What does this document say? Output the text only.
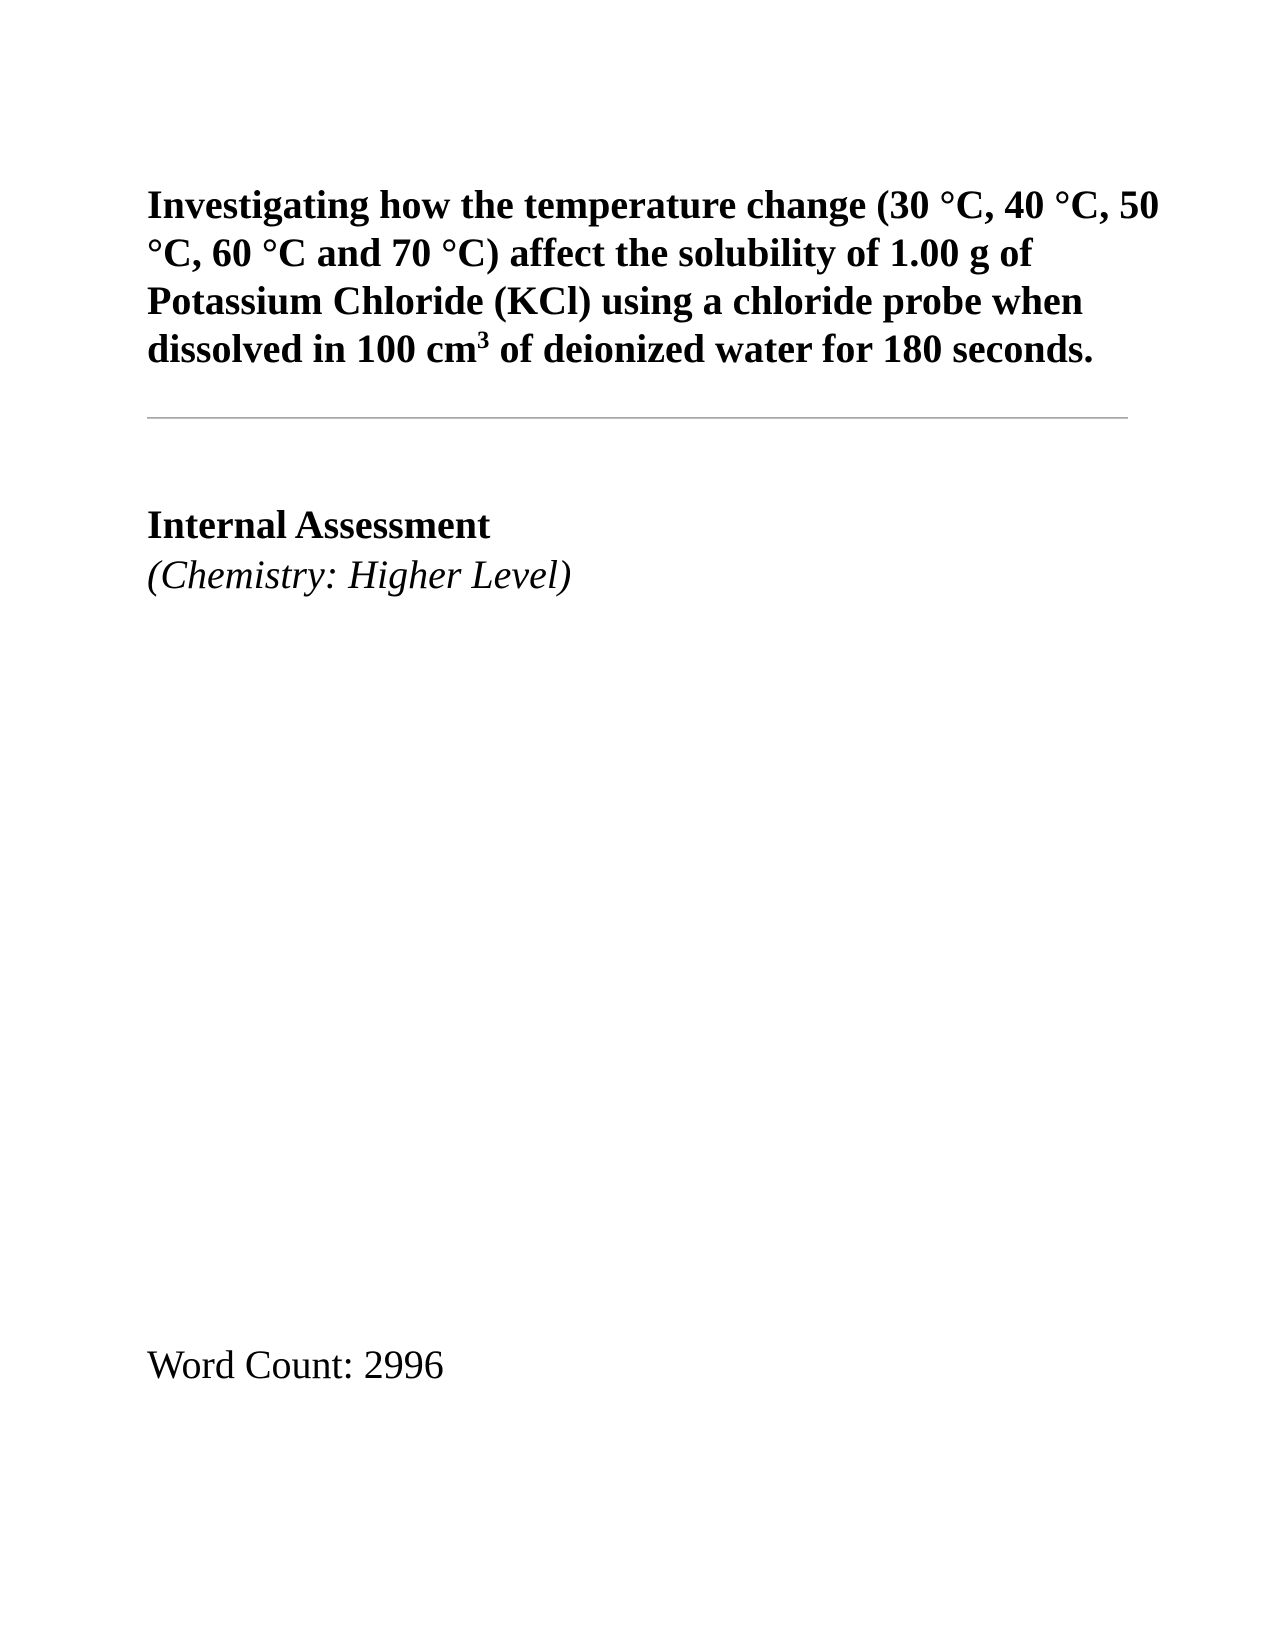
Investigating how the temperature change (30 °C, 40 °C, 50
°C, 60 °C and 70 °C) affect the solubility of 1.00 g of
Potassium Chloride (KCl) using a chloride probe when
dissolved in 100 $cm^3$ of deionized water for 180 seconds.
Internal Assessment
(Chemistry: Higher Level)
Word Count: 2996
